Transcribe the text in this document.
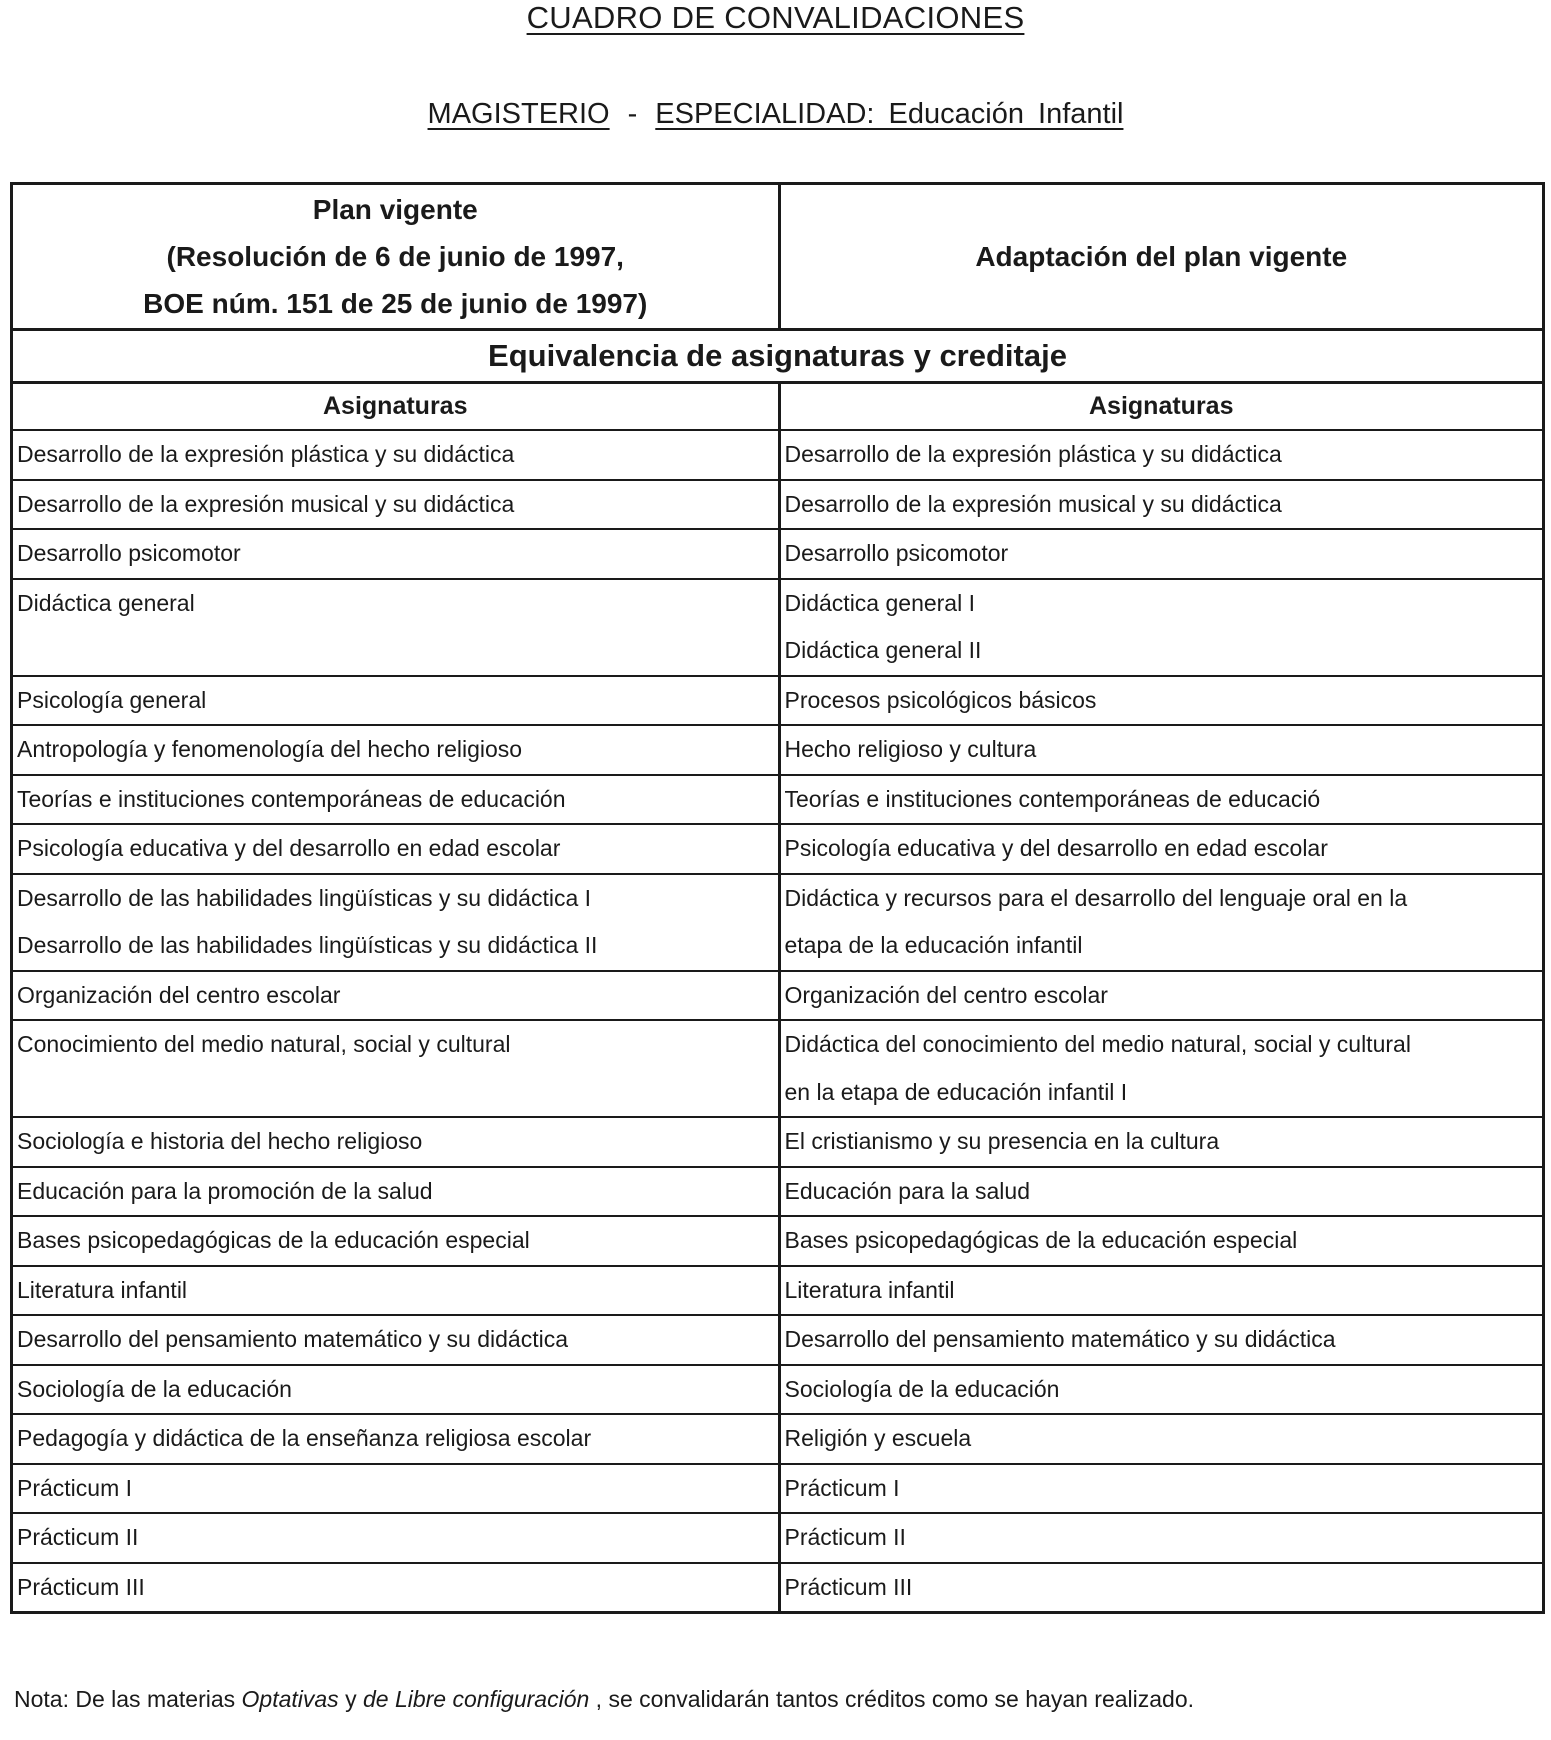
CUADRO DE CONVALIDACIONES
MAGISTERIO - ESPECIALIDAD: Educación Infantil
Plan vigente
(Resolución de 6 de junio de 1997,
BOE núm. 151 de 25 de junio de 1997)	Adaptación del plan vigente
Equivalencia de asignaturas y creditaje	
Asignaturas	Asignaturas

Desarrollo de la expresión plástica y su didáctica	Desarrollo de la expresión plástica y su didáctica

Desarrollo de la expresión musical y su didáctica	Desarrollo de la expresión musical y su didáctica

Desarrollo psicomotor	Desarrollo psicomotor

Didáctica general	Didáctica general I
Didáctica general II

Psicología general	Procesos psicológicos básicos

Antropología y fenomenología del hecho religioso	Hecho religioso y cultura

Teorías e instituciones contemporáneas de educación	Teorías e instituciones contemporáneas de educació

Psicología educativa y del desarrollo en edad escolar	Psicología educativa y del desarrollo en edad escolar

Desarrollo de las habilidades lingüísticas y su didáctica I
Desarrollo de las habilidades lingüísticas y su didáctica II	Didáctica y recursos para el desarrollo del lenguaje oral en la
etapa de la educación infantil

Organización del centro escolar	Organización del centro escolar

Conocimiento del medio natural, social y cultural	Didáctica del conocimiento del medio natural, social y cultural
en la etapa de educación infantil I

Sociología e historia del hecho religioso	El cristianismo y su presencia en la cultura

Educación para la promoción de la salud	Educación para la salud

Bases psicopedagógicas de la educación especial	Bases psicopedagógicas de la educación especial

Literatura infantil	Literatura infantil

Desarrollo del pensamiento matemático y su didáctica	Desarrollo del pensamiento matemático y su didáctica

Sociología de la educación	Sociología de la educación

Pedagogía y didáctica de la enseñanza religiosa escolar	Religión y escuela

Prácticum I	Prácticum I

Prácticum II	Prácticum II

Prácticum III	Prácticum III
Nota: De las materias Optativas y de Libre configuración , se convalidarán tantos créditos como se hayan realizado.
